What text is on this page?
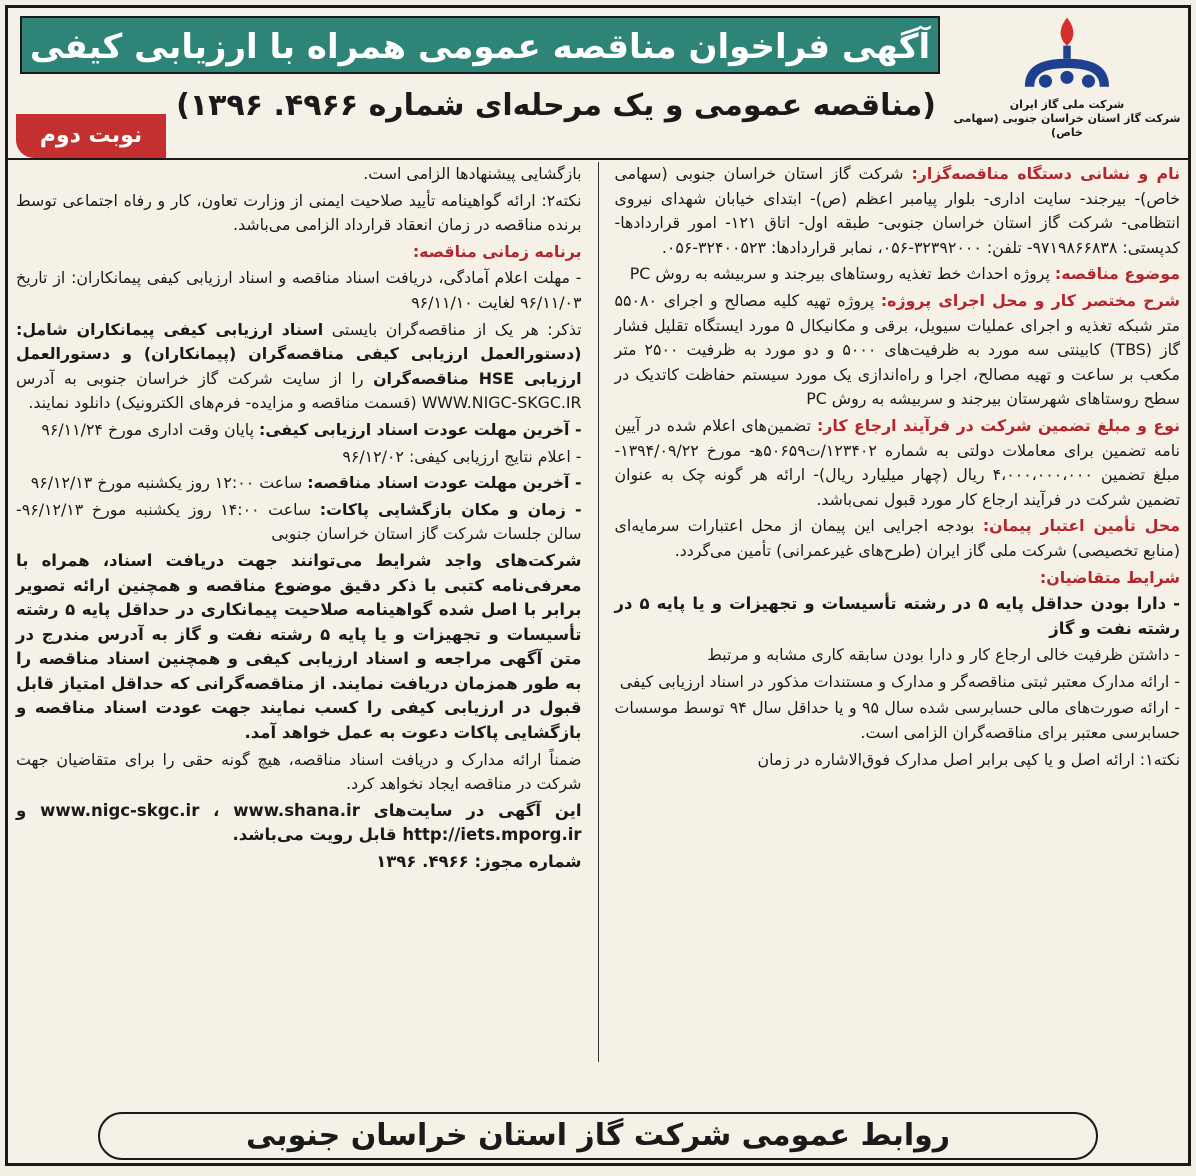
شرکت ملی گاز ایران
شرکت گاز استان خراسان جنوبی (سهامی خاص)
آگهی فراخوان مناقصه عمومی همراه با ارزیابی کیفی
(مناقصه عمومی و یک مرحله‌ای شماره ۴۹۶۶. ۱۳۹۶)
نوبت دوم

نام و نشانی دستگاه مناقصه‌گزار: شرکت گاز استان خراسان جنوبی (سهامی خاص)- بیرجند- سایت اداری- بلوار پیامبر اعظم (ص)- ابتدای خیابان شهدای نیروی انتظامی- شرکت گاز استان خراسان جنوبی- طبقه اول- اتاق ۱۲۱- امور قراردادها- کدپستی: ۹۷۱۹۸۶۶۸۳۸- تلفن: ۳۲۳۹۲۰۰۰-۰۵۶، نمابر قراردادها: ۳۲۴۰۰۵۲۳-۰۵۶.

موضوع مناقصه: پروژه احداث خط تغذیه روستاهای بیرجند و سربیشه به روش PC

شرح مختصر کار و محل اجرای پروژه: پروژه تهیه کلیه مصالح و اجرای ۵۵۰۸۰ متر شبکه تغذیه و اجرای عملیات سیویل، برقی و مکانیکال ۵ مورد ایستگاه تقلیل فشار گاز (TBS) کابینتی سه مورد به ظرفیت‌های ۵۰۰۰ و دو مورد به ظرفیت ۲۵۰۰ متر مکعب بر ساعت و تهیه مصالح، اجرا و راه‌اندازی یک مورد سیستم حفاظت کاتدیک در سطح روستاهای شهرستان بیرجند و سربیشه به روش PC

نوع و مبلغ تضمین شرکت در فرآیند ارجاع کار: تضمین‌های اعلام شده در آیین نامه تضمین برای معاملات دولتی به شماره ۱۲۳۴۰۲/ت۵۰۶۵۹ه‍- مورخ ۱۳۹۴/۰۹/۲۲- مبلغ تضمین ۴،۰۰۰،۰۰۰،۰۰۰ ریال (چهار میلیارد ریال)- ارائه هر گونه چک به عنوان تضمین شرکت در فرآیند ارجاع کار مورد قبول نمی‌باشد.

محل تأمین اعتبار پیمان: بودجه اجرایی این پیمان از محل اعتبارات سرمایه‌ای (منابع تخصیصی) شرکت ملی گاز ایران (طرح‌های غیرعمرانی) تأمین می‌گردد.

شرایط متقاضیان:

- دارا بودن حداقل پایه ۵ در رشته تأسیسات و تجهیزات و یا پایه ۵ در رشته نفت و گاز

- داشتن ظرفیت خالی ارجاع کار و دارا بودن سابقه کاری مشابه و مرتبط

- ارائه مدارک معتبر ثبتی مناقصه‌گر و مدارک و مستندات مذکور در اسناد ارزیابی کیفی

- ارائه صورت‌های مالی حسابرسی شده سال ۹۵ و یا حداقل سال ۹۴ توسط موسسات حسابرسی معتبر برای مناقصه‌گران الزامی است.

نکته۱: ارائه اصل و یا کپی برابر اصل مدارک فوق‌الاشاره در زمان

بازگشایی پیشنهادها الزامی است.

نکته۲: ارائه گواهینامه تأیید صلاحیت ایمنی از وزارت تعاون، کار و رفاه اجتماعی توسط برنده مناقصه در زمان انعقاد قرارداد الزامی می‌باشد.

برنامه زمانی مناقصه:

- مهلت اعلام آمادگی، دریافت اسناد مناقصه و اسناد ارزیابی کیفی پیمانکاران: از تاریخ ۹۶/۱۱/۰۳ لغایت ۹۶/۱۱/۱۰

تذکر: هر یک از مناقصه‌گران بایستی اسناد ارزیابی کیفی پیمانکاران شامل: (دستورالعمل ارزیابی کیفی مناقصه‌گران (پیمانکاران) و دستورالعمل ارزیابی HSE مناقصه‌گران را از سایت شرکت گاز خراسان جنوبی به آدرس WWW.NIGC-SKGC.IR (قسمت مناقصه و مزایده- فرم‌های الکترونیک) دانلود نمایند.

- آخرین مهلت عودت اسناد ارزیابی کیفی: پایان وقت اداری مورخ ۹۶/۱۱/۲۴

- اعلام نتایج ارزیابی کیفی: ۹۶/۱۲/۰۲

- آخرین مهلت عودت اسناد مناقصه: ساعت ۱۲:۰۰ روز یکشنبه مورخ ۹۶/۱۲/۱۳

- زمان و مکان بازگشایی پاکات: ساعت ۱۴:۰۰ روز یکشنبه مورخ ۹۶/۱۲/۱۳- سالن جلسات شرکت گاز استان خراسان جنوبی

شرکت‌های واجد شرایط می‌توانند جهت دریافت اسناد، همراه با معرفی‌نامه کتبی با ذکر دقیق موضوع مناقصه و همچنین ارائه تصویر برابر با اصل شده گواهینامه صلاحیت پیمانکاری در حداقل پایه ۵ رشته تأسیسات و تجهیزات و یا پایه ۵ رشته نفت و گاز به آدرس مندرج در متن آگهی مراجعه و اسناد ارزیابی کیفی و همچنین اسناد مناقصه را به طور همزمان دریافت نمایند. از مناقصه‌گرانی که حداقل امتیاز قابل قبول در ارزیابی کیفی را کسب نمایند جهت عودت اسناد مناقصه و بازگشایی پاکات دعوت به عمل خواهد آمد.

ضمناً ارائه مدارک و دریافت اسناد مناقصه، هیچ گونه حقی را برای متقاضیان جهت شرکت در مناقصه ایجاد نخواهد کرد.

این آگهی در سایت‌های www.nigc-skgc.ir ، www.shana.ir و http://iets.mporg.ir قابل رویت می‌باشد.

شماره مجوز: ۴۹۶۶. ۱۳۹۶

روابط عمومی شرکت گاز استان خراسان جنوبی
